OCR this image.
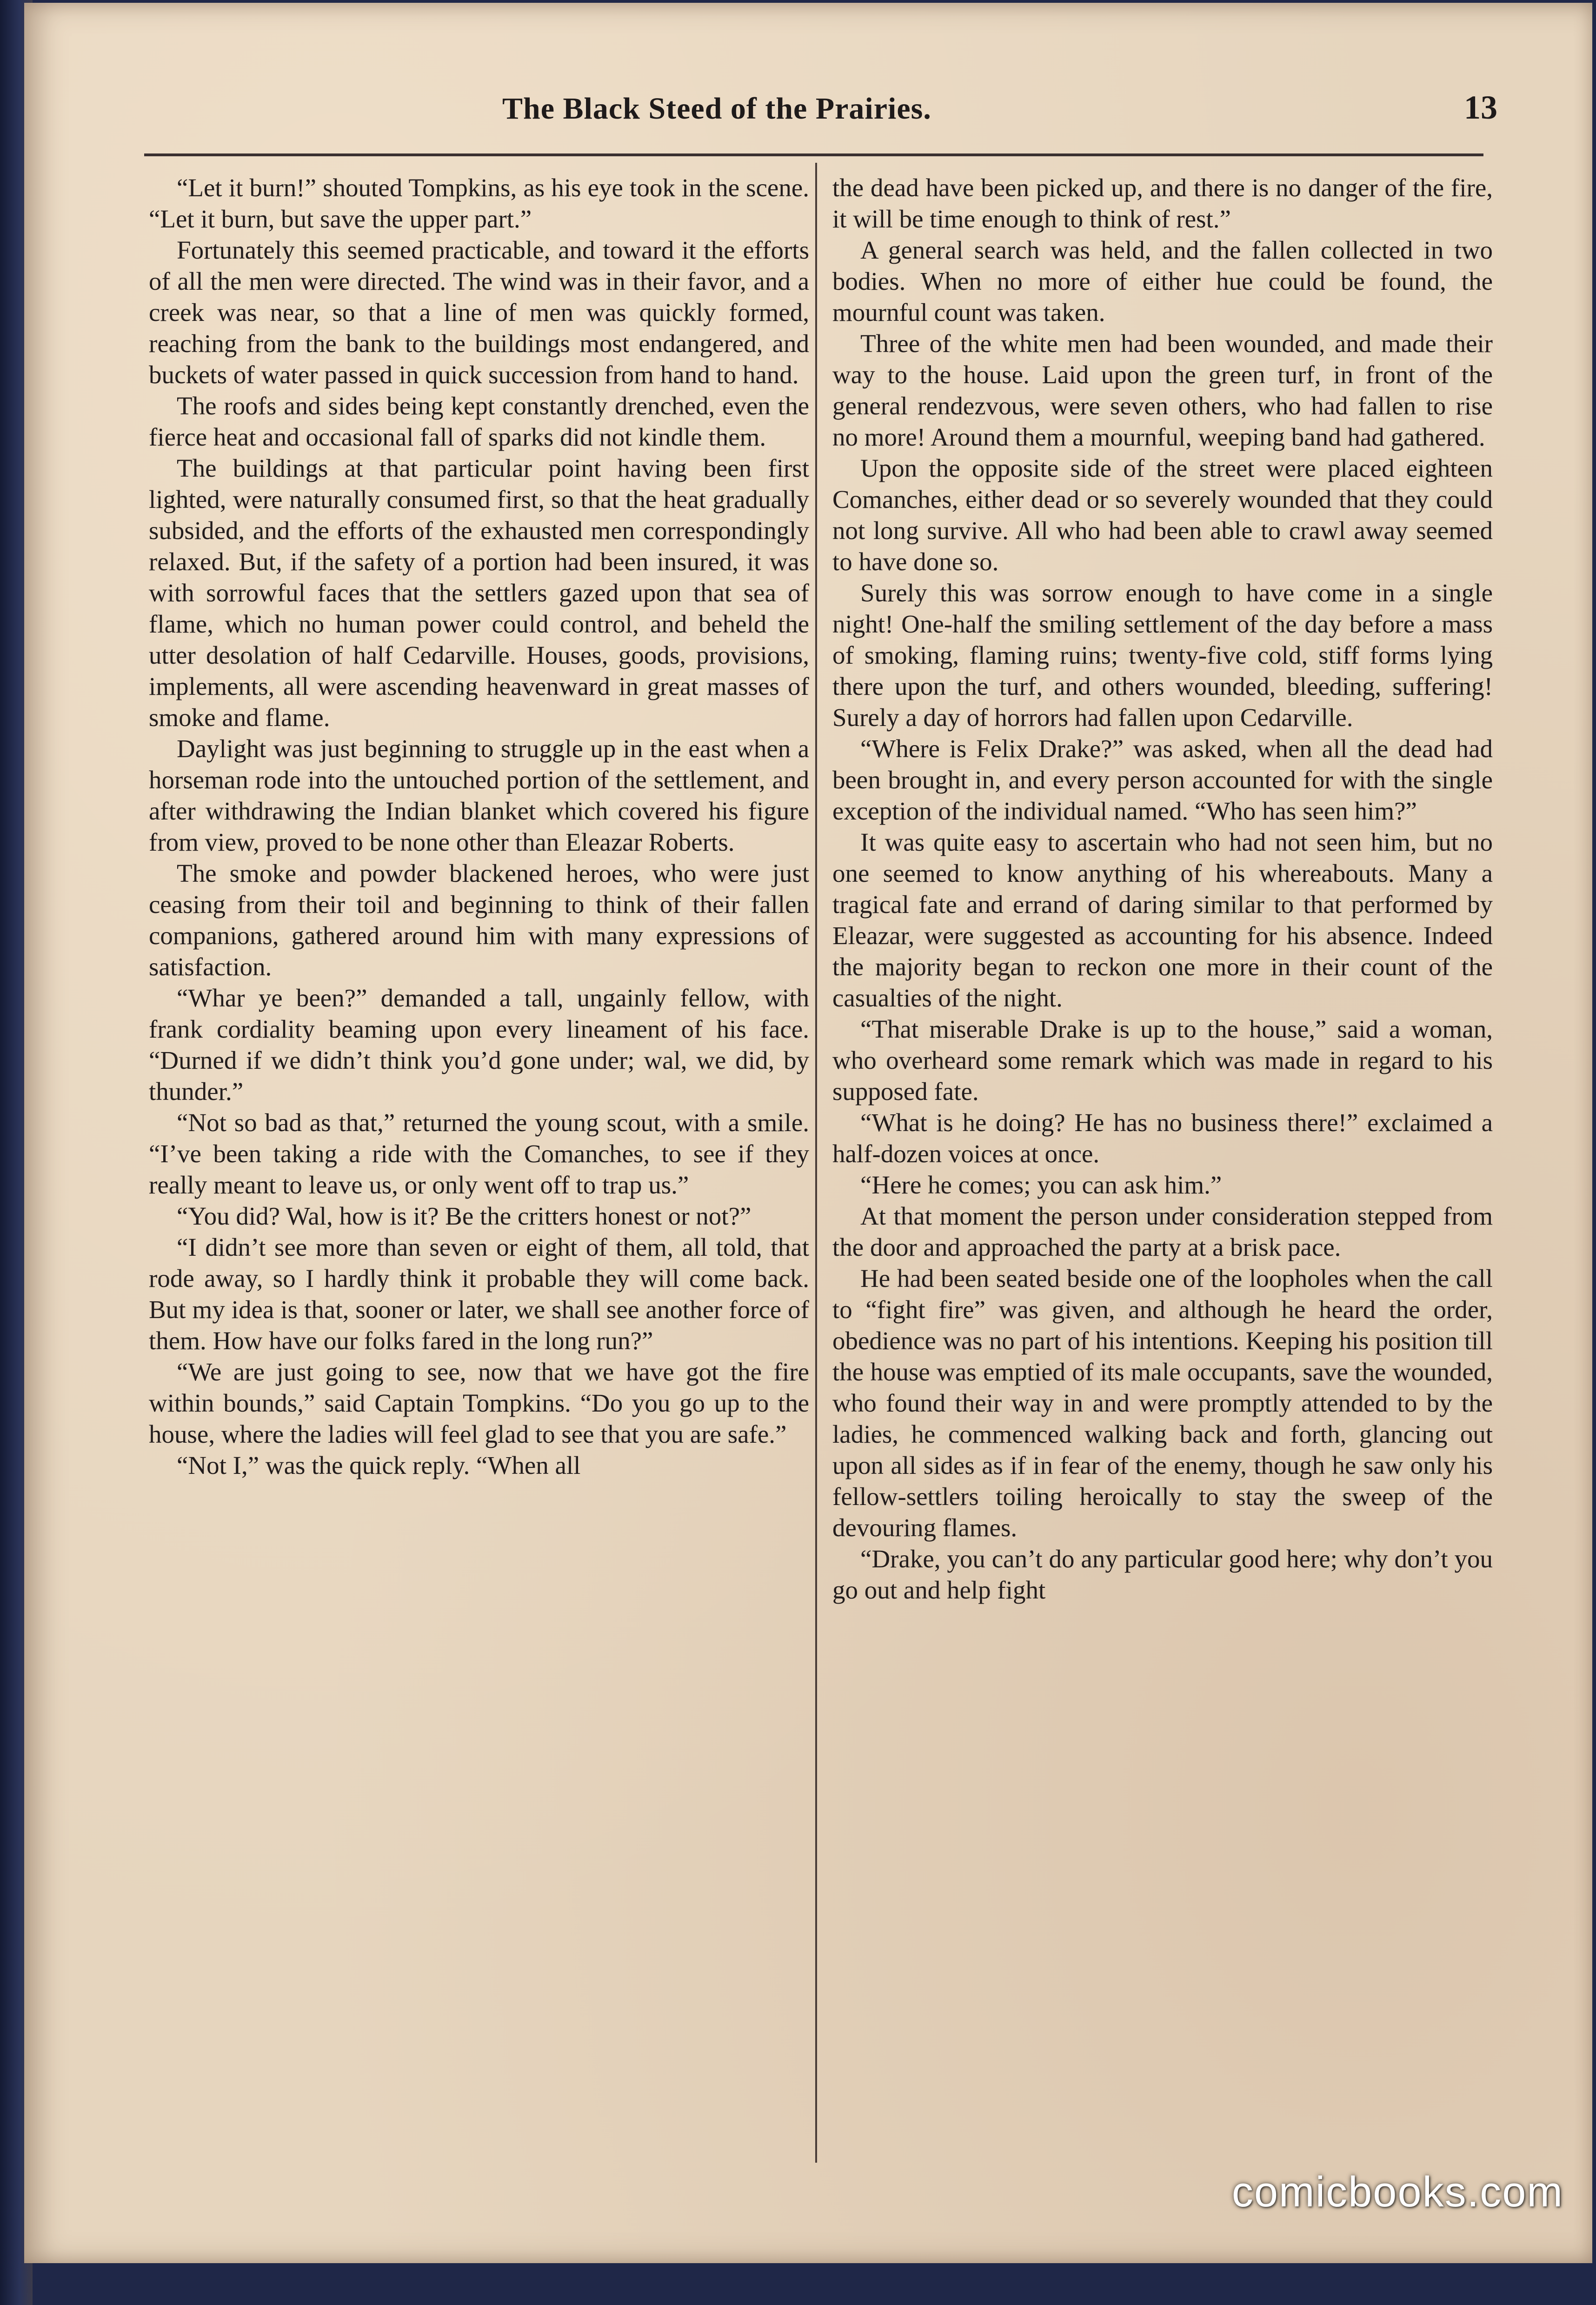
The Black Steed of the Prairies.	13

“Let it burn!” shouted Tompkins, as his eye took in the scene. “Let it burn, but save the upper part.”

Fortunately this seemed practicable, and toward it the efforts of all the men were directed. The wind was in their favor, and a creek was near, so that a line of men was quickly formed, reaching from the bank to the buildings most endangered, and buckets of water passed in quick succession from hand to hand.

The roofs and sides being kept constantly drenched, even the fierce heat and occasional fall of sparks did not kindle them.

The buildings at that particular point having been first lighted, were naturally consumed first, so that the heat gradually subsided, and the efforts of the exhausted men correspondingly relaxed. But, if the safety of a portion had been insured, it was with sorrowful faces that the settlers gazed upon that sea of flame, which no human power could control, and beheld the utter desolation of half Cedarville. Houses, goods, provisions, implements, all were ascending heavenward in great masses of smoke and flame.

Daylight was just beginning to struggle up in the east when a horseman rode into the untouched portion of the settlement, and after withdrawing the Indian blanket which covered his figure from view, proved to be none other than Eleazar Roberts.

The smoke and powder blackened heroes, who were just ceasing from their toil and beginning to think of their fallen companions, gathered around him with many expressions of satisfaction.

“Whar ye been?” demanded a tall, ungainly fellow, with frank cordiality beaming upon every lineament of his face. “Durned if we didn’t think you’d gone under; wal, we did, by thunder.”

“Not so bad as that,” returned the young scout, with a smile. “I’ve been taking a ride with the Comanches, to see if they really meant to leave us, or only went off to trap us.”

“You did? Wal, how is it? Be the critters honest or not?”

“I didn’t see more than seven or eight of them, all told, that rode away, so I hardly think it probable they will come back. But my idea is that, sooner or later, we shall see another force of them. How have our folks fared in the long run?”

“We are just going to see, now that we have got the fire within bounds,” said Captain Tompkins. “Do you go up to the house, where the ladies will feel glad to see that you are safe.”

“Not I,” was the quick reply. “When all

the dead have been picked up, and there is no danger of the fire, it will be time enough to think of rest.”

A general search was held, and the fallen collected in two bodies. When no more of either hue could be found, the mournful count was taken.

Three of the white men had been wounded, and made their way to the house. Laid upon the green turf, in front of the general rendezvous, were seven others, who had fallen to rise no more! Around them a mournful, weeping band had gathered.

Upon the opposite side of the street were placed eighteen Comanches, either dead or so severely wounded that they could not long survive. All who had been able to crawl away seemed to have done so.

Surely this was sorrow enough to have come in a single night! One-half the smiling settlement of the day before a mass of smoking, flaming ruins; twenty-five cold, stiff forms lying there upon the turf, and others wounded, bleeding, suffering! Surely a day of horrors had fallen upon Cedarville.

“Where is Felix Drake?” was asked, when all the dead had been brought in, and every person accounted for with the single exception of the individual named. “Who has seen him?”

It was quite easy to ascertain who had not seen him, but no one seemed to know anything of his whereabouts. Many a tragical fate and errand of daring similar to that performed by Eleazar, were suggested as accounting for his absence. Indeed the majority began to reckon one more in their count of the casualties of the night.

“That miserable Drake is up to the house,” said a woman, who overheard some remark which was made in regard to his supposed fate.

“What is he doing? He has no business there!” exclaimed a half-dozen voices at once.

“Here he comes; you can ask him.”

At that moment the person under consideration stepped from the door and approached the party at a brisk pace.

He had been seated beside one of the loopholes when the call to “fight fire” was given, and although he heard the order, obedience was no part of his intentions. Keeping his position till the house was emptied of its male occupants, save the wounded, who found their way in and were promptly attended to by the ladies, he commenced walking back and forth, glancing out upon all sides as if in fear of the enemy, though he saw only his fellow-settlers toiling heroically to stay the sweep of the devouring flames.

“Drake, you can’t do any particular good here; why don’t you go out and help fight

comicbooks.com
